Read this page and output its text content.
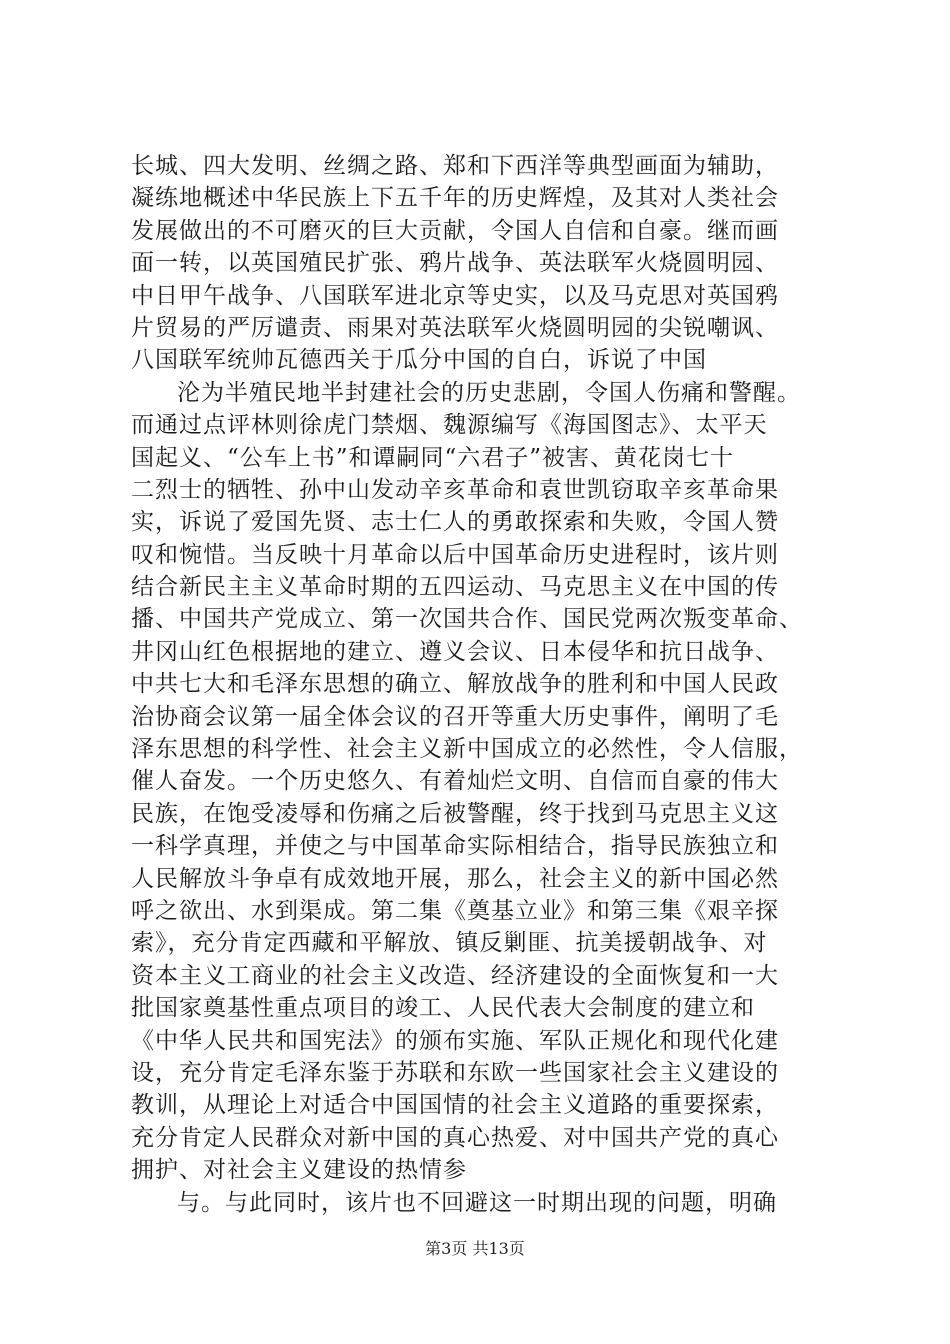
长城、四大发明、丝绸之路、郑和下西洋等典型画面为辅助，
凝练地概述中华民族上下五千年的历史辉煌，及其对人类社会
发展做出的不可磨灭的巨大贡献，令国人自信和自豪。继而画
面一转，以英国殖民扩张、鸦片战争、英法联军火烧圆明园、
中日甲午战争、八国联军进北京等史实，以及马克思对英国鸦
片贸易的严厉谴责、雨果对英法联军火烧圆明园的尖锐嘲讽、
八国联军统帅瓦德西关于瓜分中国的自白，诉说了中国
沦为半殖民地半封建社会的历史悲剧，令国人伤痛和警醒。
而通过点评林则徐虎门禁烟、魏源编写《海国图志》、太平天
国起义、“公车上书”和谭嗣同“六君子”被害、黄花岗七十
二烈士的牺牲、孙中山发动辛亥革命和袁世凯窃取辛亥革命果
实，诉说了爱国先贤、志士仁人的勇敢探索和失败，令国人赞
叹和惋惜。当反映十月革命以后中国革命历史进程时，该片则
结合新民主主义革命时期的五四运动、马克思主义在中国的传
播、中国共产党成立、第一次国共合作、国民党两次叛变革命、
井冈山红色根据地的建立、遵义会议、日本侵华和抗日战争、
中共七大和毛泽东思想的确立、解放战争的胜利和中国人民政
治协商会议第一届全体会议的召开等重大历史事件，阐明了毛
泽东思想的科学性、社会主义新中国成立的必然性，令人信服，
催人奋发。一个历史悠久、有着灿烂文明、自信而自豪的伟大
民族，在饱受凌辱和伤痛之后被警醒，终于找到马克思主义这
一科学真理，并使之与中国革命实际相结合，指导民族独立和
人民解放斗争卓有成效地开展，那么，社会主义的新中国必然
呼之欲出、水到渠成。第二集《奠基立业》和第三集《艰辛探
索》，充分肯定西藏和平解放、镇反剿匪、抗美援朝战争、对
资本主义工商业的社会主义改造、经济建设的全面恢复和一大
批国家奠基性重点项目的竣工、人民代表大会制度的建立和
《中华人民共和国宪法》的颁布实施、军队正规化和现代化建
设，充分肯定毛泽东鉴于苏联和东欧一些国家社会主义建设的
教训，从理论上对适合中国国情的社会主义道路的重要探索，
充分肯定人民群众对新中国的真心热爱、对中国共产党的真心
拥护、对社会主义建设的热情参
与。与此同时，该片也不回避这一时期出现的问题，明确
第3页 共13页
